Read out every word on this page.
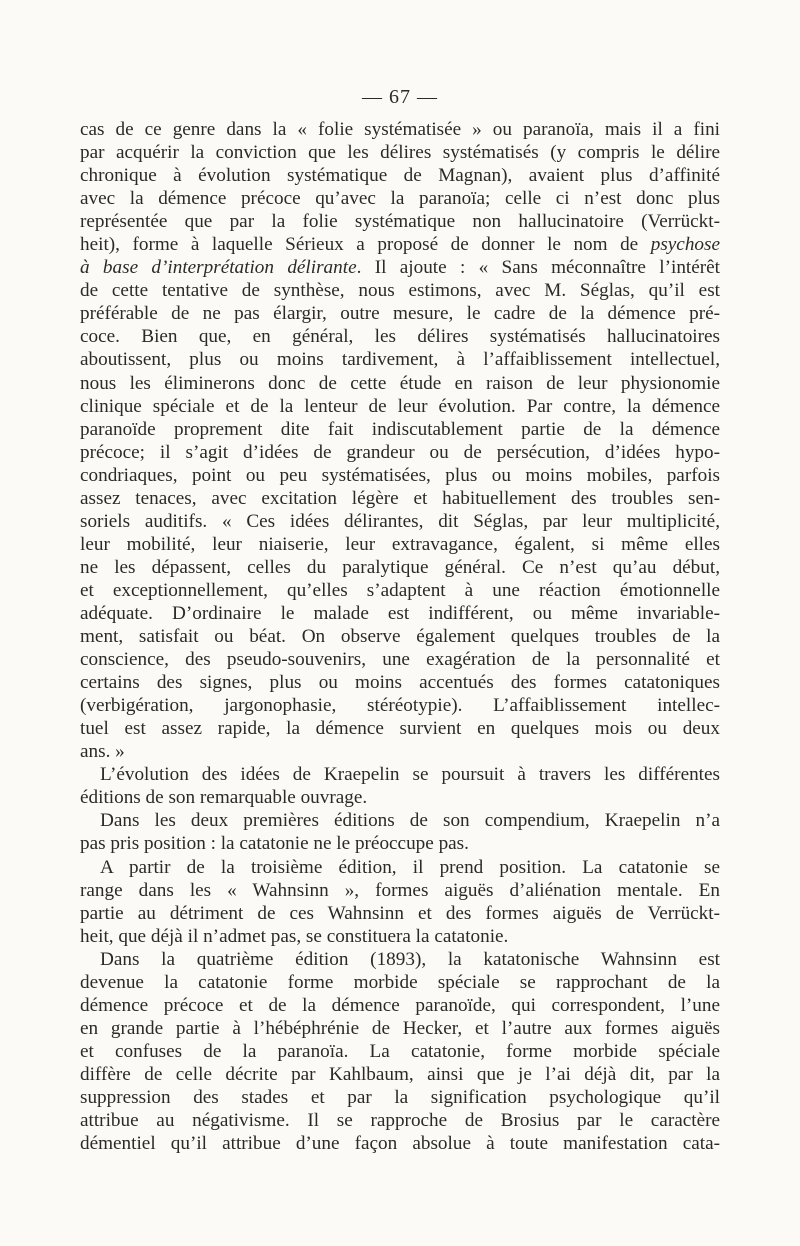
— 67 —
cas de ce genre dans la « folie systématisée » ou paranoïa, mais il a fini
par acquérir la conviction que les délires systématisés (y compris le délire
chronique à évolution systématique de Magnan), avaient plus d’affinité
avec la démence précoce qu’avec la paranoïa; celle ci n’est donc plus
représentée que par la folie systématique non hallucinatoire (Verrückt-
heit), forme à laquelle Sérieux a proposé de donner le nom de psychose
à base d’interprétation délirante. Il ajoute : « Sans méconnaître l’intérêt
de cette tentative de synthèse, nous estimons, avec M. Séglas, qu’il est
préférable de ne pas élargir, outre mesure, le cadre de la démence pré-
coce. Bien que, en général, les délires systématisés hallucinatoires
aboutissent, plus ou moins tardivement, à l’affaiblissement intellectuel,
nous les éliminerons donc de cette étude en raison de leur physionomie
clinique spéciale et de la lenteur de leur évolution. Par contre, la démence
paranoïde proprement dite fait indiscutablement partie de la démence
précoce; il s’agit d’idées de grandeur ou de persécution, d’idées hypo-
condriaques, point ou peu systématisées, plus ou moins mobiles, parfois
assez tenaces, avec excitation légère et habituellement des troubles sen-
soriels auditifs. « Ces idées délirantes, dit Séglas, par leur multiplicité,
leur mobilité, leur niaiserie, leur extravagance, égalent, si même elles
ne les dépassent, celles du paralytique général. Ce n’est qu’au début,
et exceptionnellement, qu’elles s’adaptent à une réaction émotionnelle
adéquate. D’ordinaire le malade est indifférent, ou même invariable-
ment, satisfait ou béat. On observe également quelques troubles de la
conscience, des pseudo-souvenirs, une exagération de la personnalité et
certains des signes, plus ou moins accentués des formes catatoniques
(verbigération, jargonophasie, stéréotypie). L’affaiblissement intellec-
tuel est assez rapide, la démence survient en quelques mois ou deux
ans. »
L’évolution des idées de Kraepelin se poursuit à travers les différentes
éditions de son remarquable ouvrage.
Dans les deux premières éditions de son compendium, Kraepelin n’a
pas pris position : la catatonie ne le préoccupe pas.
A partir de la troisième édition, il prend position. La catatonie se
range dans les « Wahnsinn », formes aiguës d’aliénation mentale. En
partie au détriment de ces Wahnsinn et des formes aiguës de Verrückt-
heit, que déjà il n’admet pas, se constituera la catatonie.
Dans la quatrième édition (1893), la katatonische Wahnsinn est
devenue la catatonie forme morbide spéciale se rapprochant de la
démence précoce et de la démence paranoïde, qui correspondent, l’une
en grande partie à l’hébéphrénie de Hecker, et l’autre aux formes aiguës
et confuses de la paranoïa. La catatonie, forme morbide spéciale
diffère de celle décrite par Kahlbaum, ainsi que je l’ai déjà dit, par la
suppression des stades et par la signification psychologique qu’il
attribue au négativisme. Il se rapproche de Brosius par le caractère
démentiel qu’il attribue d’une façon absolue à toute manifestation cata-
